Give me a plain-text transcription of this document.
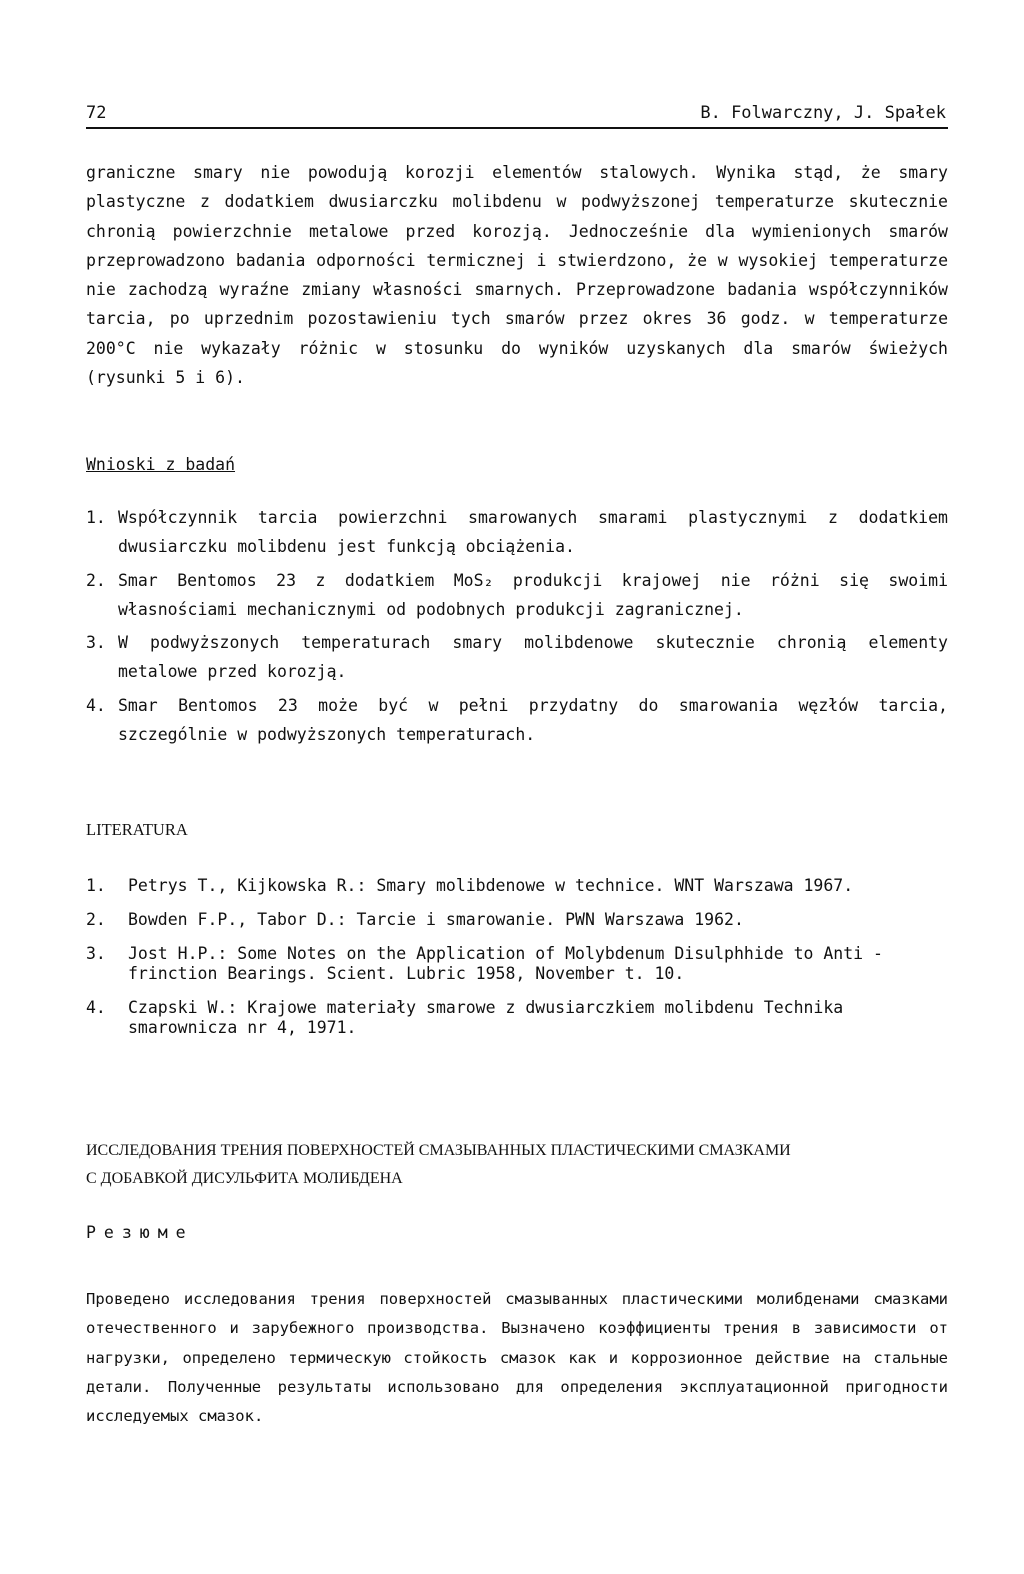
72	B. Folwarczny, J. Spałek
graniczne smary nie powodują korozji elementów stalowych. Wynika stąd, że smary plastyczne z dodatkiem dwusiarczku molibdenu w podwyższonej temperaturze skutecznie chronią powierzchnie metalowe przed korozją. Jednocześnie dla wymienionych smarów przeprowadzono badania odporności termicznej i stwierdzono, że w wysokiej temperaturze nie zachodzą wyraźne zmiany własności smarnych. Przeprowadzone badania współczynników tarcia, po uprzednim pozostawieniu tych smarów przez okres 36 godz. w temperaturze 200°C nie wykazały różnic w stosunku do wyników uzyskanych dla smarów świeżych (rysunki 5 i 6).
Wnioski z badań
1. Współczynnik tarcia powierzchni smarowanych smarami plastycznymi z dodatkiem dwusiarczku molibdenu jest funkcją obciążenia.
2. Smar Bentomos 23 z dodatkiem MoS₂ produkcji krajowej nie różni się swoimi własnościami mechanicznymi od podobnych produkcji zagranicznej.
3. W podwyższonych temperaturach smary molibdenowe skutecznie chronią elementy metalowe przed korozją.
4. Smar Bentomos 23 może być w pełni przydatny do smarowania węzłów tarcia, szczególnie w podwyższonych temperaturach.
LITERATURA
1. Petrys T., Kijkowska R.: Smary molibdenowe w technice. WNT Warszawa 1967.
2. Bowden F.P., Tabor D.: Tarcie i smarowanie. PWN Warszawa 1962.
3. Jost H.P.: Some Notes on the Application of Molybdenum Disulphhide to Anti - frinction Bearings. Scient. Lubric 1958, November t. 10.
4. Czapski W.: Krajowe materiały smarowe z dwusiarczkiem molibdenu Technika smarownicza nr 4, 1971.
ИССЛЕДОВАНИЯ ТРЕНИЯ ПОВЕРХНОСТЕЙ СМАЗЫВАННЫХ ПЛАСТИЧЕСКИМИ СМАЗКАМИ
С ДОБАВКОЙ ДИСУЛЬФИТА МОЛИБДЕНА
Резюме
Проведено исследования трения поверхностей смазыванных пластическими молибденами смазками отечественного и зарубежного производства. Вызначено коэффициенты трения в зависимости от нагрузки, определено термическую стойкость смазок как и коррозионное действие на стальные детали. Полученные результаты использовано для определения эксплуатационной пригодности исследуемых смазок.
